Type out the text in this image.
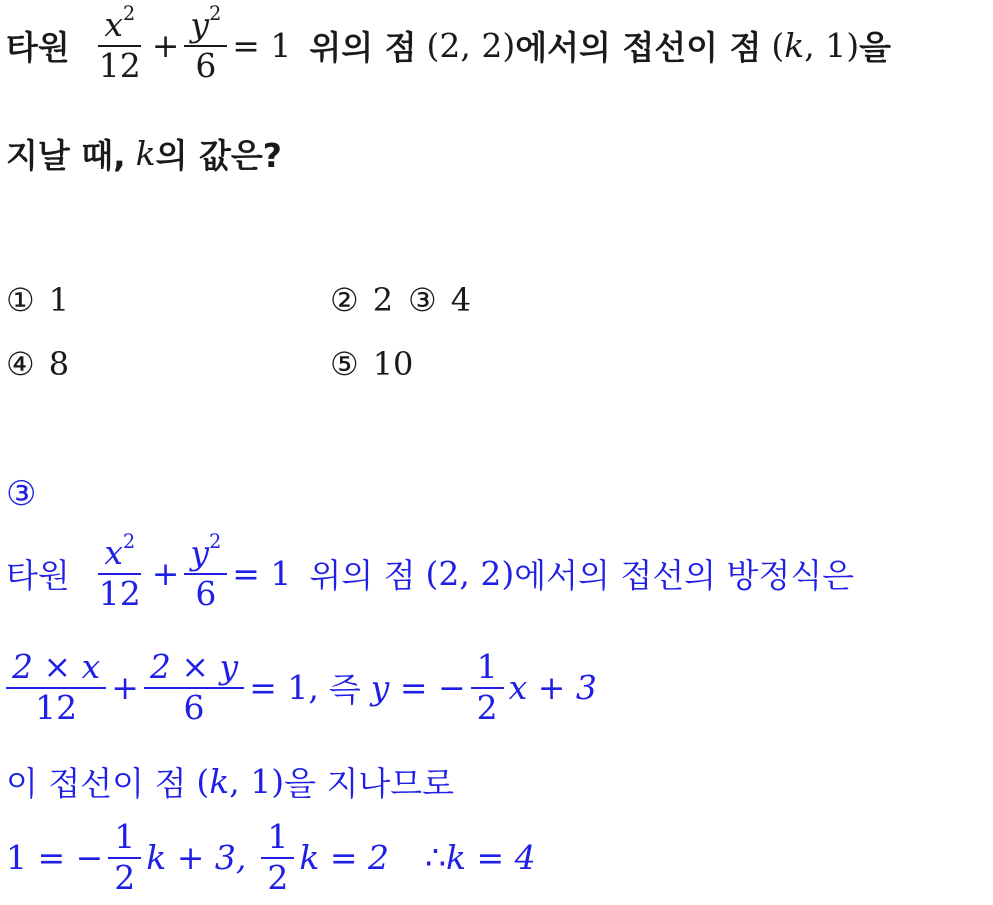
타원 $\frac{x^2}{12} + \frac{y^2}{6} = 1$ 위의 점 (2, 2) 에서의 접선이 점 (k, 1) 을
지날 때, k 의 값은?
① 1	② 2 ③ 4
④ 8	⑤ 10
③
타원 $\frac{x^2}{12} + \frac{y^2}{6} = 1$ 위의 점 (2, 2) 에서의 접선의 방정식은
$\frac{2 \times x}{12} + \frac{2 \times y}{6} = 1$, 즉 y = − $\frac{1}{2}$ x + 3
이 접선이 점 (k, 1) 을 지나므로
1 = − $\frac{1}{2}$ k + 3, $\frac{1}{2}$ k = 2 ∴ k = 4
